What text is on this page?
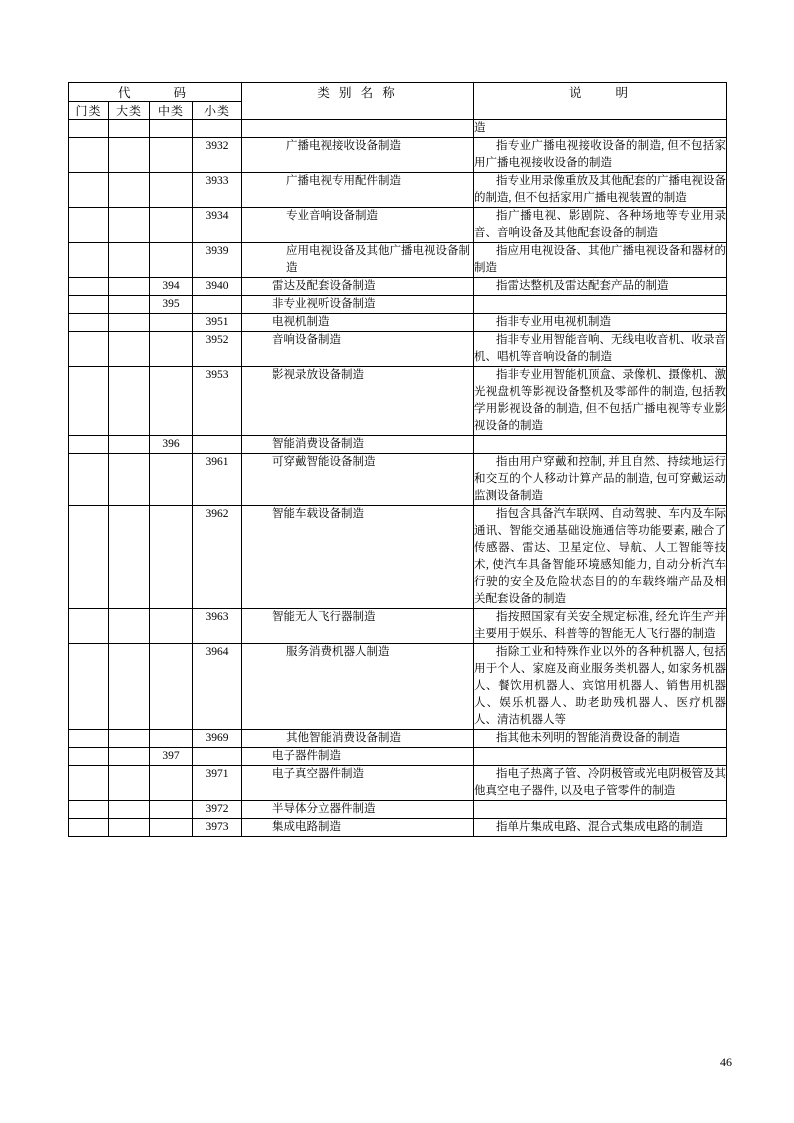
代　　码				类 别 名 称	说　　明
门类	大类	中类	小类		

					造

			3932	广播电视接收设备制造	指专业广播电视接收设备的制造, 但不包括家用广播电视接收设备的制造

			3933	广播电视专用配件制造	指专业用录像重放及其他配套的广播电视设备的制造, 但不包括家用广播电视装置的制造

			3934	专业音响设备制造	指广播电视、影剧院、各种场地等专业用录音、音响设备及其他配套设备的制造

			3939	应用电视设备及其他广播电视设备制造	指应用电视设备、其他广播电视设备和器材的制造

		394	3940	雷达及配套设备制造	指雷达整机及雷达配套产品的制造

		395		非专业视听设备制造	

			3951	电视机制造	指非专业用电视机制造

			3952	音响设备制造	指非专业用智能音响、无线电收音机、收录音机、唱机等音响设备的制造

			3953	影视录放设备制造	指非专业用智能机顶盒、录像机、摄像机、激光视盘机等影视设备整机及零部件的制造, 包括教学用影视设备的制造, 但不包括广播电视等专业影视设备的制造

		396		智能消费设备制造	

			3961	可穿戴智能设备制造	指由用户穿戴和控制, 并且自然、持续地运行和交互的个人移动计算产品的制造, 包可穿戴运动监测设备制造

			3962	智能车载设备制造	指包含具备汽车联网、自动驾驶、车内及车际通讯、智能交通基础设施通信等功能要素, 融合了传感器、雷达、卫星定位、导航、人工智能等技术, 使汽车具备智能环境感知能力, 自动分析汽车行驶的安全及危险状态目的的车载终端产品及相关配套设备的制造

			3963	智能无人飞行器制造	指按照国家有关安全规定标准, 经允许生产并主要用于娱乐、科普等的智能无人飞行器的制造

			3964	服务消费机器人制造	指除工业和特殊作业以外的各种机器人, 包括用于个人、家庭及商业服务类机器人, 如家务机器人、餐饮用机器人、宾馆用机器人、销售用机器人、娱乐机器人、助老助残机器人、医疗机器人、清洁机器人等

			3969	其他智能消费设备制造	指其他未列明的智能消费设备的制造

		397		电子器件制造	

			3971	电子真空器件制造	指电子热离子管、冷阴极管或光电阴极管及其他真空电子器件, 以及电子管零件的制造

			3972	半导体分立器件制造	

			3973	集成电路制造	指单片集成电路、混合式集成电路的制造
46
